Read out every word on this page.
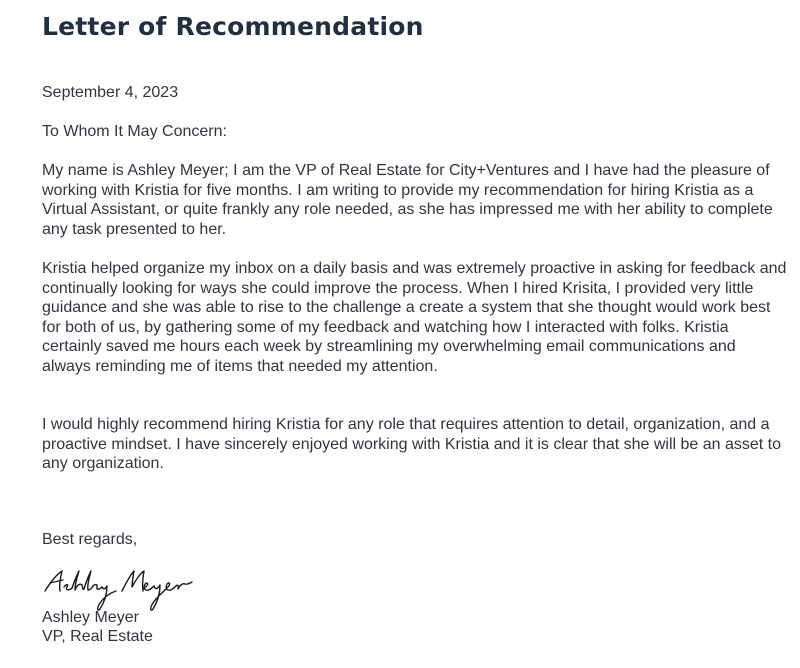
Letter of Recommendation

September 4, 2023

To Whom It May Concern:

My name is Ashley Meyer; I am the VP of Real Estate for City+Ventures and I have had the pleasure of working with Kristia for five months. I am writing to provide my recommendation for hiring Kristia as a Virtual Assistant, or quite frankly any role needed, as she has impressed me with her ability to complete any task presented to her.

Kristia helped organize my inbox on a daily basis and was extremely proactive in asking for feedback and continually looking for ways she could improve the process. When I hired Krisita, I provided very little guidance and she was able to rise to the challenge a create a system that she thought would work best for both of us, by gathering some of my feedback and watching how I interacted with folks. Kristia certainly saved me hours each week by streamlining my overwhelming email communications and always reminding me of items that needed my attention.

I would highly recommend hiring Kristia for any role that requires attention to detail, organization, and a proactive mindset. I have sincerely enjoyed working with Kristia and it is clear that she will be an asset to any organization.

Best regards,

Ashley Meyer

VP, Real Estate
